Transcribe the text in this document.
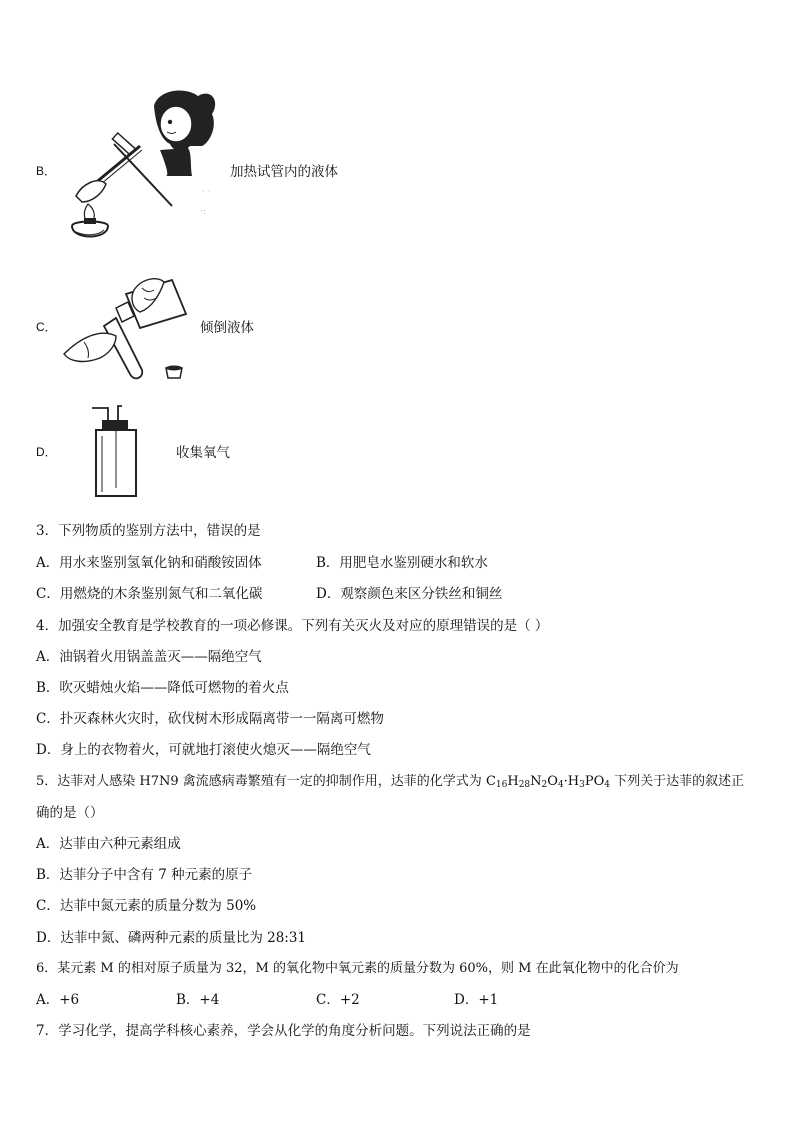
B．
· ·
·:
加热试管内的液体
C．	倾倒液体
D．	收集氧气
3．下列物质的鉴别方法中，错误的是
A．用水来鉴别氢氧化钠和硝酸铵固体	B．用肥皂水鉴别硬水和软水
C．用燃烧的木条鉴别氮气和二氧化碳	D．观察颜色来区分铁丝和铜丝
4．加强安全教育是学校教育的一项必修课。下列有关灭火及对应的原理错误的是（ ）
A．油锅着火用锅盖盖灭——隔绝空气
B．吹灭蜡烛火焰——降低可燃物的着火点
C．扑灭森林火灾时，砍伐树木形成隔离带一一隔离可燃物
D．身上的衣物着火，可就地打滚使火熄灭——隔绝空气
5．达菲对人感染 H7N9 禽流感病毒繁殖有一定的抑制作用，达菲的化学式为 $C_{16}H_{28}N_2O_4\cdot H_3PO_4$ 下列关于达菲的叙述正
确的是（）
A．达菲由六种元素组成
B．达菲分子中含有 7 种元素的原子
C．达菲中氮元素的质量分数为 50%
D．达菲中氮、磷两种元素的质量比为 28:31
6．某元素 M 的相对原子质量为 32，M 的氧化物中氧元素的质量分数为 60%，则 M 在此氧化物中的化合价为
A．+6	B．+4	C．+2	D．+1
7．学习化学，提高学科核心素养，学会从化学的角度分析问题。下列说法正确的是
